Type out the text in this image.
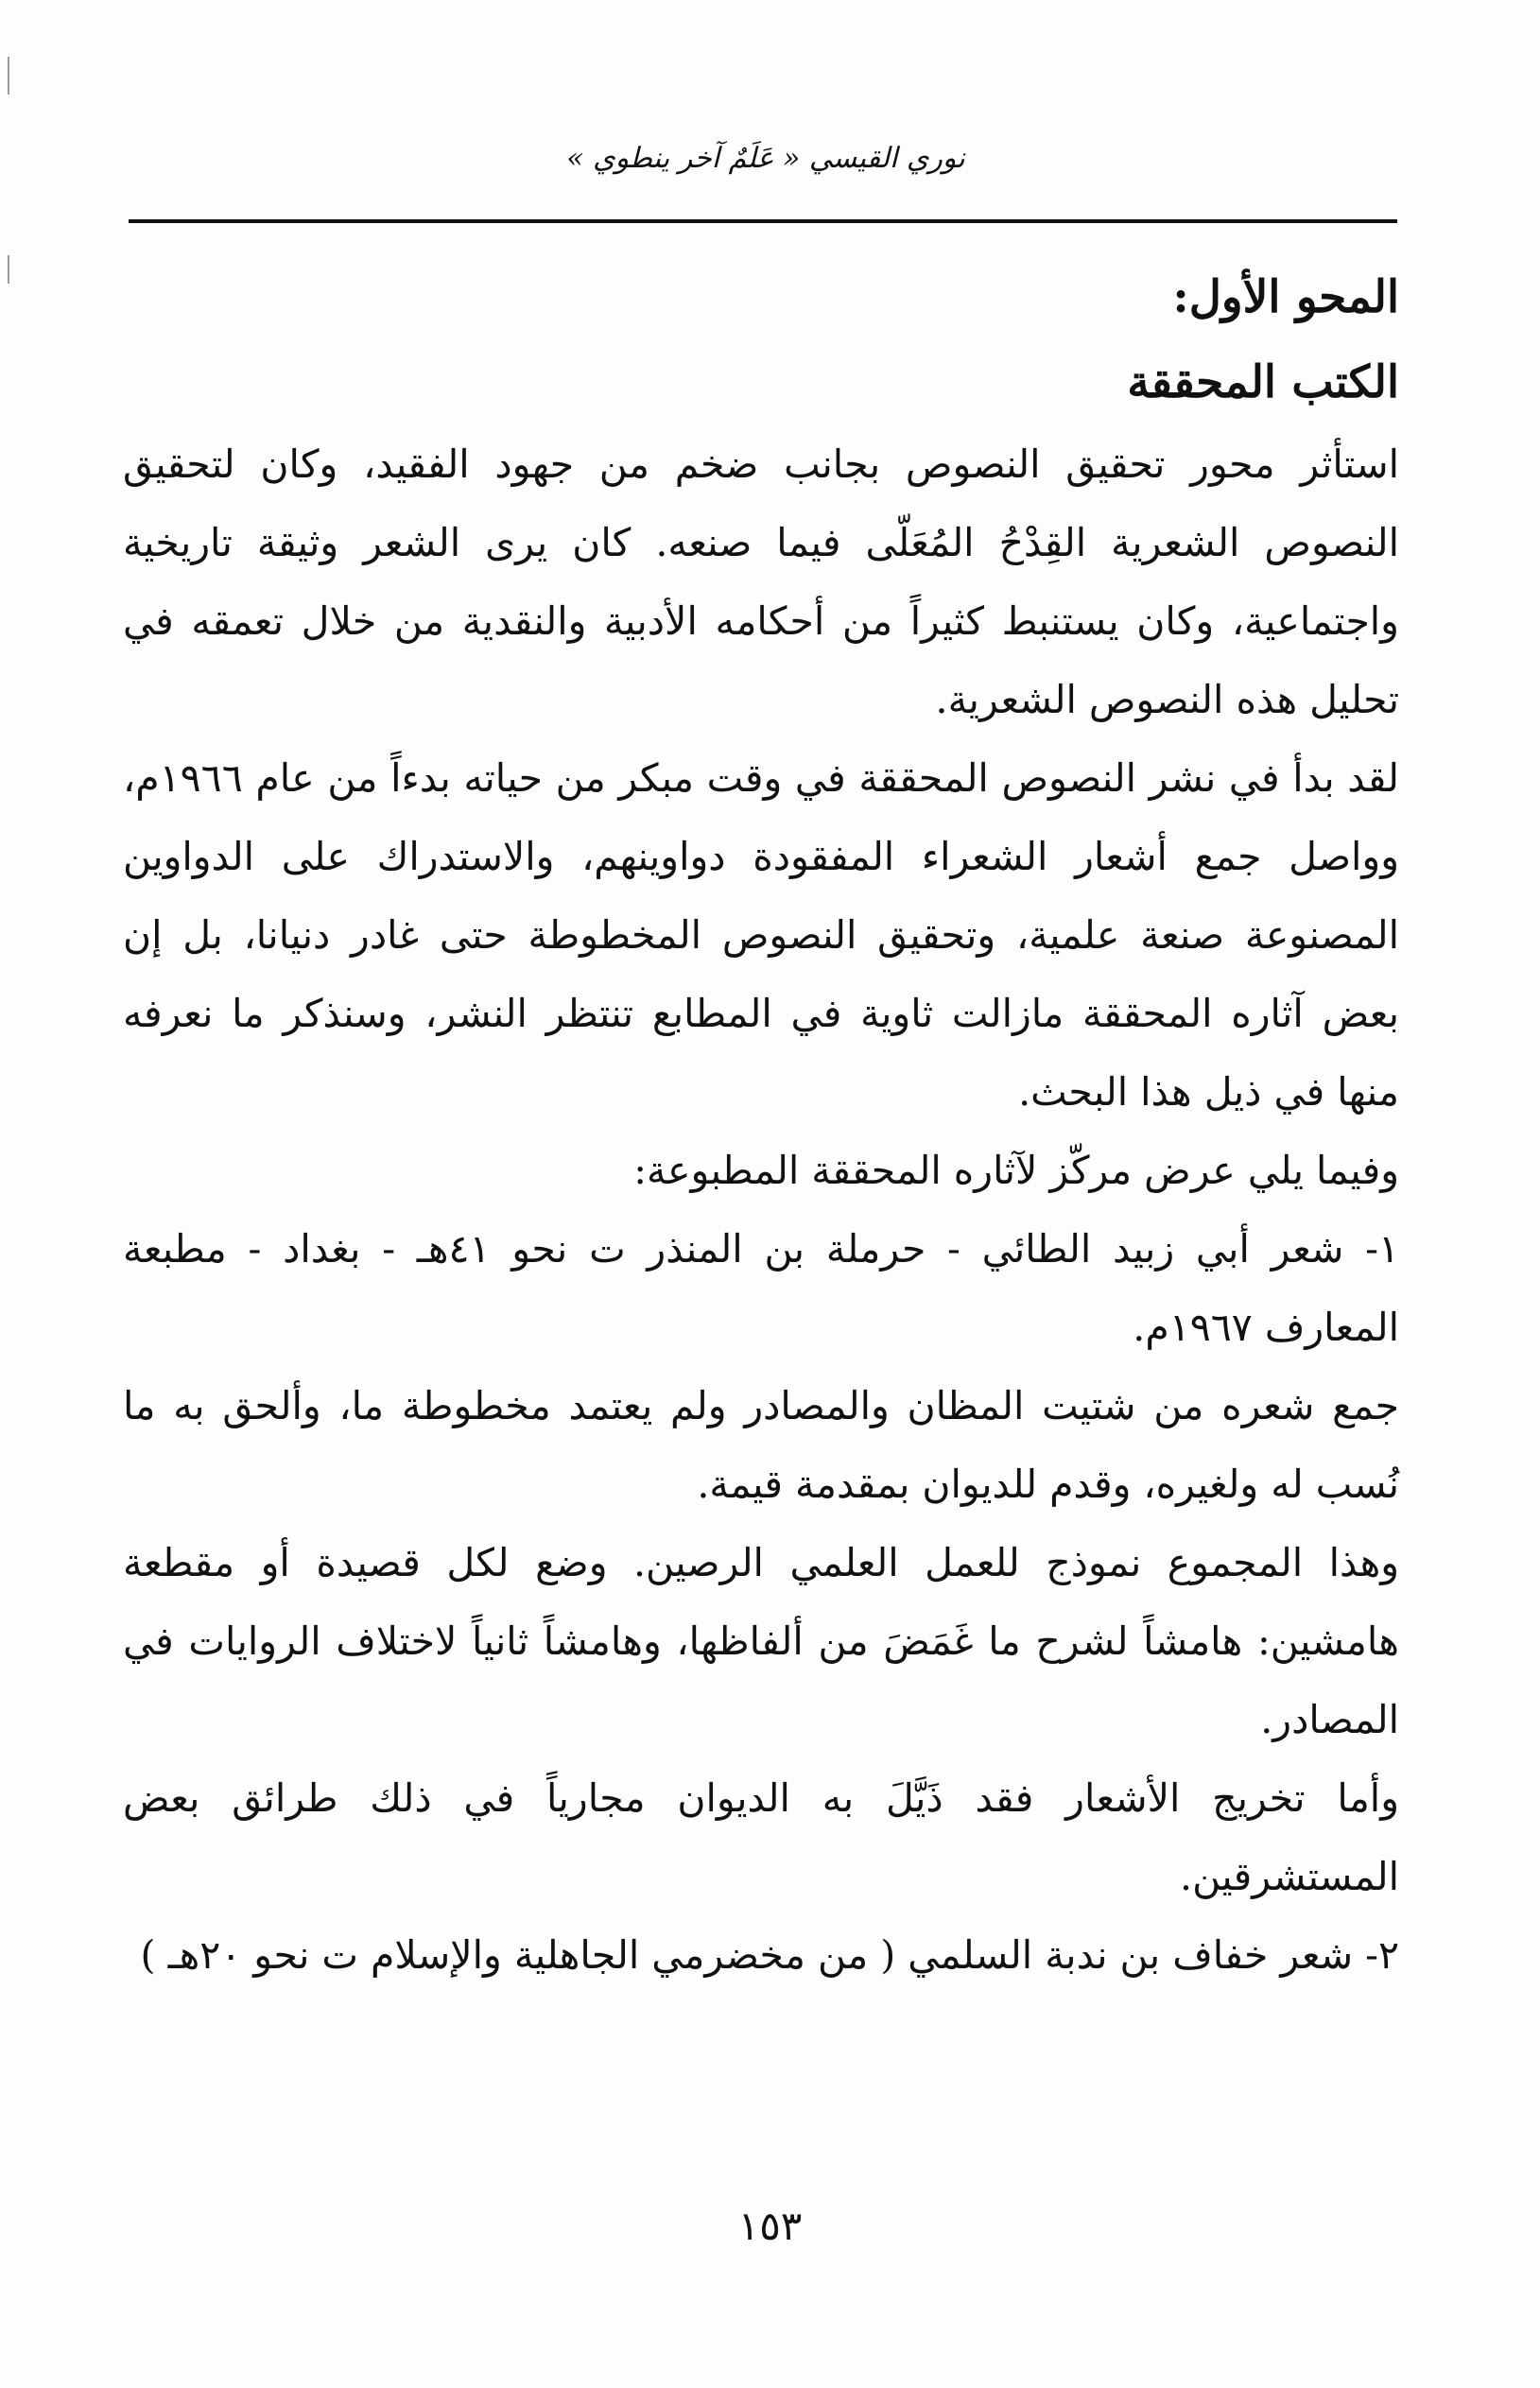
نوري القيسي « عَلَمٌ آخر ينطوي »
المحو الأول:
الكتب المحققة

استأثر محور تحقيق النصوص بجانب ضخم من جهود الفقيد، وكان لتحقيق النصوص الشعرية القِدْحُ المُعَلّى فيما صنعه. كان يرى الشعر وثيقة تاريخية واجتماعية، وكان يستنبط كثيراً من أحكامه الأدبية والنقدية من خلال تعمقه في تحليل هذه النصوص الشعرية.

لقد بدأ في نشر النصوص المحققة في وقت مبكر من حياته بدءاً من عام ١٩٦٦م، وواصل جمع أشعار الشعراء المفقودة دواوينهم، والاستدراك على الدواوين المصنوعة صنعة علمية، وتحقيق النصوص المخطوطة حتى غادر دنيانا، بل إن بعض آثاره المحققة مازالت ثاوية في المطابع تنتظر النشر، وسنذكر ما نعرفه منها في ذيل هذا البحث.

وفيما يلي عرض مركّز لآثاره المحققة المطبوعة:

١- شعر أبي زبيد الطائي - حرملة بن المنذر ت نحو ٤١هـ - بغداد - مطبعة المعارف ١٩٦٧م.

جمع شعره من شتيت المظان والمصادر ولم يعتمد مخطوطة ما، وألحق به ما نُسب له ولغيره، وقدم للديوان بمقدمة قيمة.

وهذا المجموع نموذج للعمل العلمي الرصين. وضع لكل قصيدة أو مقطعة هامشين: هامشاً لشرح ما غَمَضَ من ألفاظها، وهامشاً ثانياً لاختلاف الروايات في المصادر.

وأما تخريج الأشعار فقد ذَيَّلَ به الديوان مجارياً في ذلك طرائق بعض المستشرقين.

٢- شعر خفاف بن ندبة السلمي ( من مخضرمي الجاهلية والإسلام ت نحو ٢٠هـ )

١٥٣
